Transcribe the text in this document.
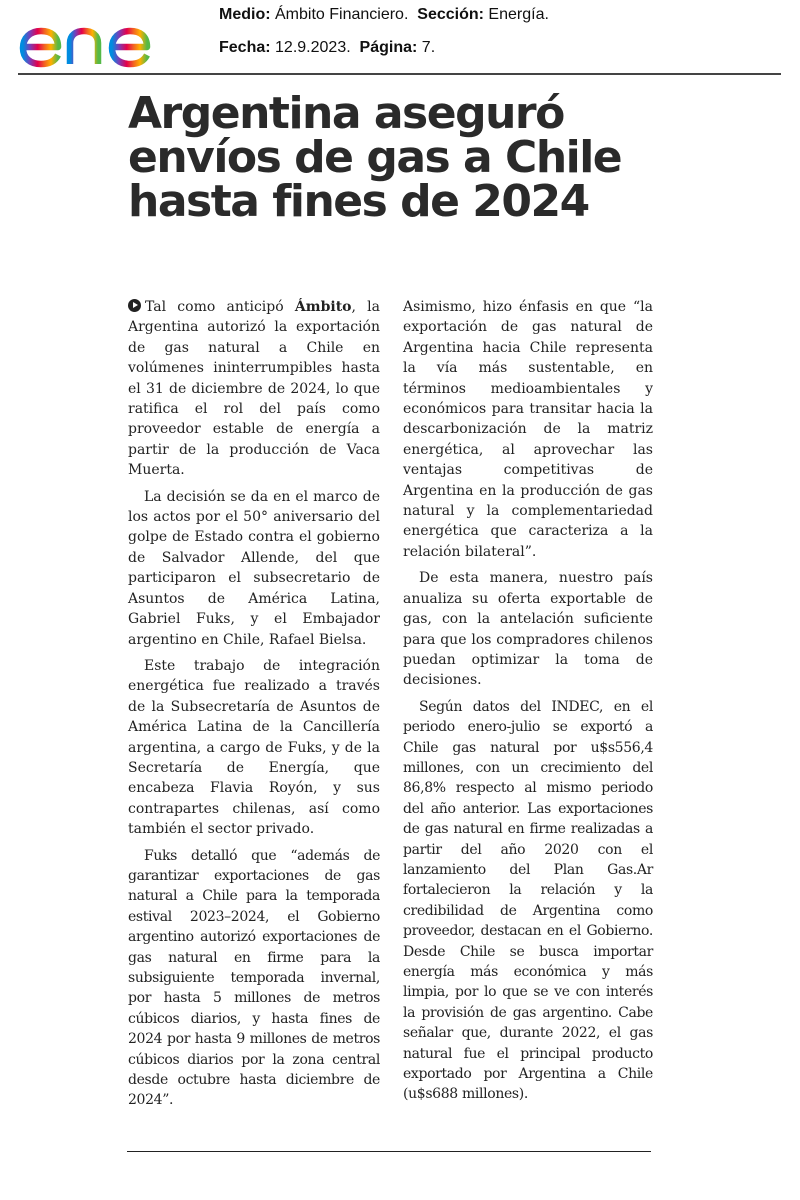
Medio: Ámbito Financiero. Sección: Energía.
Fecha: 12.9.2023. Página: 7.
Argentina aseguró
envíos de gas a Chile
hasta fines de 2024

Tal como anticipó Ámbito, la Argentina autorizó la exportación de gas natural a Chile en volúmenes ininterrumpibles hasta el 31 de diciembre de 2024, lo que ratifica el rol del país como proveedor estable de energía a partir de la producción de Vaca Muerta.

La decisión se da en el marco de los actos por el 50° aniversario del golpe de Estado contra el gobierno de Salvador Allende, del que participaron el subsecretario de Asuntos de América Latina, Gabriel Fuks, y el Embajador argentino en Chile, Rafael Bielsa.

Este trabajo de integración energética fue realizado a través de la Subsecretaría de Asuntos de América Latina de la Cancillería argentina, a cargo de Fuks, y de la Secretaría de Energía, que encabeza Flavia Royón, y sus contrapartes chilenas, así como también el sector privado.

Fuks detalló que “además de garantizar exportaciones de gas natural a Chile para la temporada estival 2023–2024, el Gobierno argentino autorizó exportaciones de gas natural en firme para la subsiguiente temporada invernal, por hasta 5 millones de metros cúbicos diarios, y hasta fines de 2024 por hasta 9 millones de metros cúbicos diarios por la zona central desde octubre hasta diciembre de 2024”.

Asimismo, hizo énfasis en que “la exportación de gas natural de Argentina hacia Chile representa la vía más sustentable, en términos medioambientales y económicos para transitar hacia la descarbonización de la matriz energética, al aprovechar las ventajas competitivas de Argentina en la producción de gas natural y la complementariedad energética que caracteriza a la relación bilateral”.

De esta manera, nuestro país anualiza su oferta exportable de gas, con la antelación suficiente para que los compradores chilenos puedan optimizar la toma de decisiones.

Según datos del INDEC, en el periodo enero-julio se exportó a Chile gas natural por u$s556,4 millones, con un crecimiento del 86,8% respecto al mismo periodo del año anterior. Las exportaciones de gas natural en firme realizadas a partir del año 2020 con el lanzamiento del Plan Gas.Ar fortalecieron la relación y la credibilidad de Argentina como proveedor, destacan en el Gobierno. Desde Chile se busca importar energía más económica y más limpia, por lo que se ve con interés la provisión de gas argentino. Cabe señalar que, durante 2022, el gas natural fue el principal producto exportado por Argentina a Chile (u$s688 millones).
